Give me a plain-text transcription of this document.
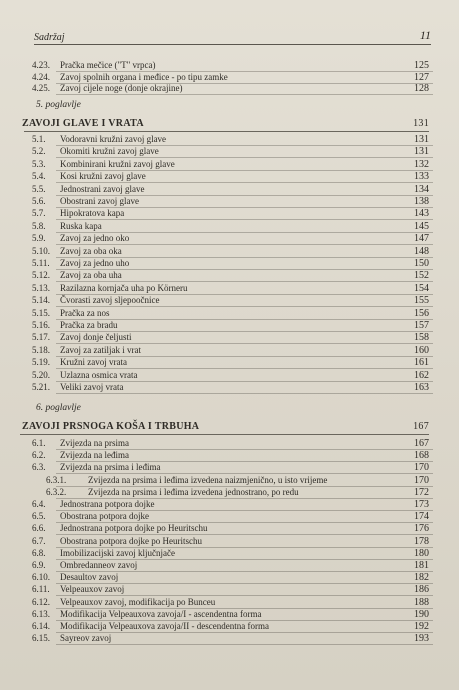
Sadržaj	11
4.23. Pračka mečice ("T" vrpca)	125
4.24. Zavoj spolnih organa i međice - po tipu zamke	127
4.25. Zavoj cijele noge (donje okrajine)	128
5. poglavlje
ZAVOJI GLAVE I VRATA	131
5.1. Vodoravni kružni zavoj glave	131
5.2. Okomiti kružni zavoj glave	131
5.3. Kombinirani kružni zavoj glave	132
5.4. Kosi kružni zavoj glave	133
5.5. Jednostrani zavoj glave	134
5.6. Obostrani zavoj glave	138
5.7. Hipokratova kapa	143
5.8. Ruska kapa	145
5.9. Zavoj za jedno oko	147
5.10. Zavoj za oba oka	148
5.11. Zavoj za jedno uho	150
5.12. Zavoj za oba uha	152
5.13. Razilazna kornjača uha po Körneru	154
5.14. Čvorasti zavoj sljepoočnice	155
5.15. Pračka za nos	156
5.16. Pračka za bradu	157
5.17. Zavoj donje čeljusti	158
5.18. Zavoj za zatiljak i vrat	160
5.19. Kružni zavoj vrata	161
5.20. Uzlazna osmica vrata	162
5.21. Veliki zavoj vrata	163
6. poglavlje
ZAVOJI PRSNOGA KOŠA I TRBUHA	167
6.1. Zvijezda na prsima	167
6.2. Zvijezda na leđima	168
6.3. Zvijezda na prsima i leđima	170
6.3.1. Zvijezda na prsima i leđima izvedena naizmjenično, u isto vrijeme	170
6.3.2. Zvijezda na prsima i leđima izvedena jednostrano, po redu	172
6.4. Jednostrana potpora dojke	173
6.5. Obostrana potpora dojke	174
6.6. Jednostrana potpora dojke po Heuritschu	176
6.7. Obostrana potpora dojke po Heuritschu	178
6.8. Imobilizacijski zavoj ključnjače	180
6.9. Ombredanneov zavoj	181
6.10. Desaultov zavoj	182
6.11. Velpeauxov zavoj	186
6.12. Velpeauxov zavoj, modifikacija po Bunceu	188
6.13. Modifikacija Velpeauxova zavoja/I - ascendentna forma	190
6.14. Modifikacija Velpeauxova zavoja/II - descendentna forma	192
6.15. Sayreov zavoj	193
